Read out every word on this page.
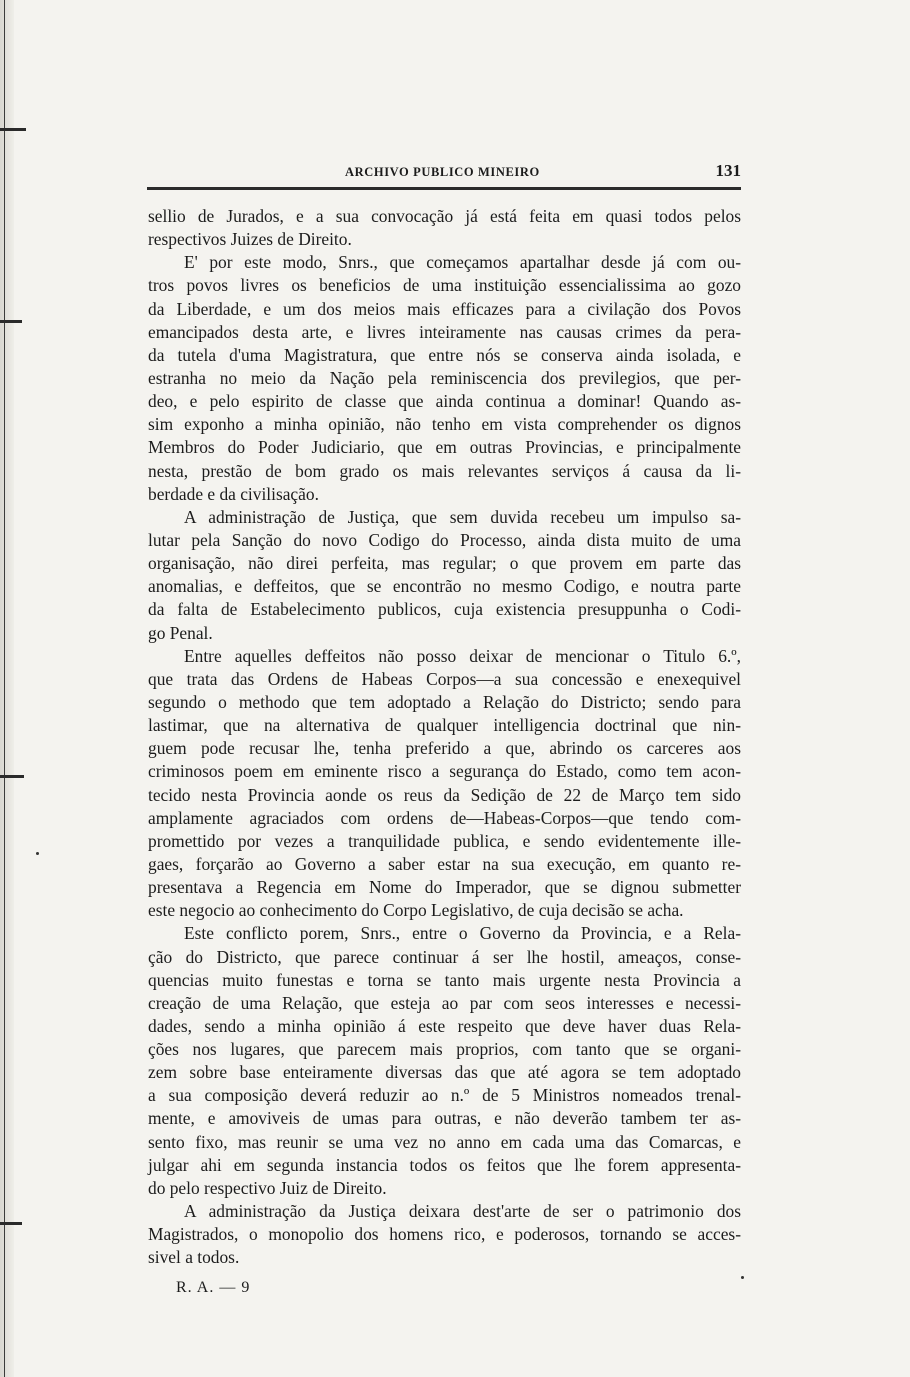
ARCHIVO PUBLICO MINEIRO	131
sellio de Jurados, e a sua convocação já está feita em quasi todos pelos
respectivos Juizes de Direito.
E' por este modo, Snrs., que começamos apartalhar desde já com ou-
tros povos livres os beneficios de uma instituição essencialissima ao gozo
da Liberdade, e um dos meios mais efficazes para a civilação dos Povos
emancipados desta arte, e livres inteiramente nas causas crimes da pera-
da tutela d'uma Magistratura, que entre nós se conserva ainda isolada, e
estranha no meio da Nação pela reminiscencia dos previlegios, que per-
deo, e pelo espirito de classe que ainda continua a dominar! Quando as-
sim exponho a minha opinião, não tenho em vista comprehender os dignos
Membros do Poder Judiciario, que em outras Provincias, e principalmente
nesta, prestão de bom grado os mais relevantes serviços á causa da li-
berdade e da civilisação.
A administração de Justiça, que sem duvida recebeu um impulso sa-
lutar pela Sanção do novo Codigo do Processo, ainda dista muito de uma
organisação, não direi perfeita, mas regular; o que provem em parte das
anomalias, e deffeitos, que se encontrão no mesmo Codigo, e noutra parte
da falta de Estabelecimento publicos, cuja existencia presuppunha o Codi-
go Penal.
Entre aquelles deffeitos não posso deixar de mencionar o Titulo 6.º,
que trata das Ordens de Habeas Corpos—a sua concessão e enexequivel
segundo o methodo que tem adoptado a Relação do Districto; sendo para
lastimar, que na alternativa de qualquer intelligencia doctrinal que nin-
guem pode recusar lhe, tenha preferido a que, abrindo os carceres aos
criminosos poem em eminente risco a segurança do Estado, como tem acon-
tecido nesta Provincia aonde os reus da Sedição de 22 de Março tem sido
amplamente agraciados com ordens de—Habeas-Corpos—que tendo com-
promettido por vezes a tranquilidade publica, e sendo evidentemente ille-
gaes, forçarão ao Governo a saber estar na sua execução, em quanto re-
presentava a Regencia em Nome do Imperador, que se dignou submetter
este negocio ao conhecimento do Corpo Legislativo, de cuja decisão se acha.
Este conflicto porem, Snrs., entre o Governo da Provincia, e a Rela-
ção do Districto, que parece continuar á ser lhe hostil, ameaços, conse-
quencias muito funestas e torna se tanto mais urgente nesta Provincia a
creação de uma Relação, que esteja ao par com seos interesses e necessi-
dades, sendo a minha opinião á este respeito que deve haver duas Rela-
ções nos lugares, que parecem mais proprios, com tanto que se organi-
zem sobre base enteiramente diversas das que até agora se tem adoptado
a sua composição deverá reduzir ao n.º de 5 Ministros nomeados trenal-
mente, e amoviveis de umas para outras, e não deverão tambem ter as-
sento fixo, mas reunir se uma vez no anno em cada uma das Comarcas, e
julgar ahi em segunda instancia todos os feitos que lhe forem appresenta-
do pelo respectivo Juiz de Direito.
A administração da Justiça deixara dest'arte de ser o patrimonio dos
Magistrados, o monopolio dos homens rico, e poderosos, tornando se acces-
sivel a todos.
R. A. — 9
